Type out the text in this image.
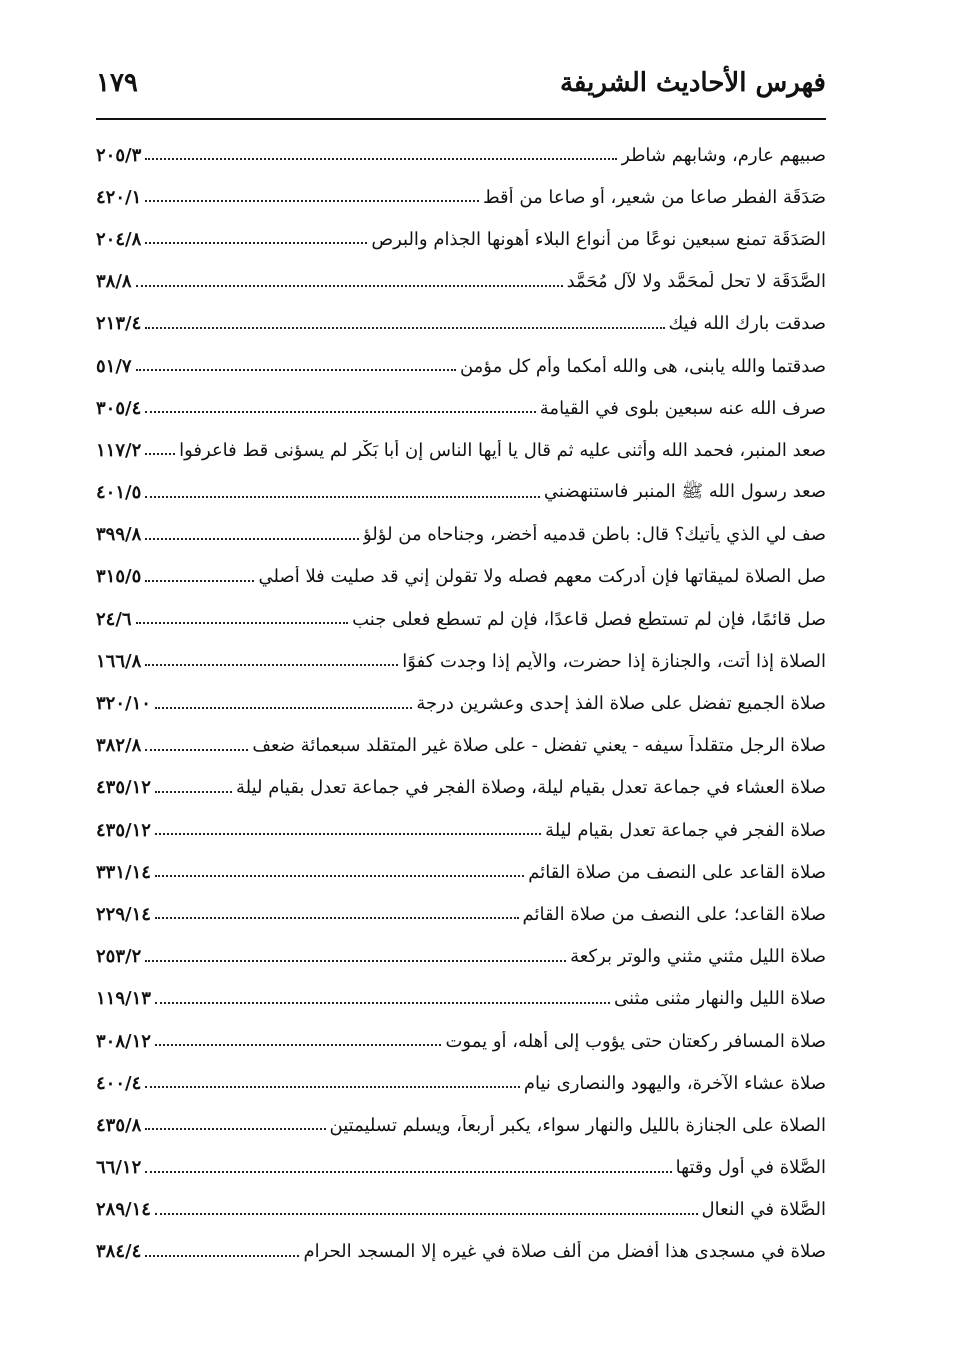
١٧٩	فهرس الأحاديث الشريفة
صبيهم عارم، وشابهم شاطر
٢٠٥/٣
صَدَقَة الفطر صاعا من شعير، أو صاعا من أقط
٤٢٠/١
الصَدَقَة تمنع سبعين نوعًا من أنواع البلاء أهونها الجذام والبرص
٢٠٤/٨
الصَّدَقَة لا تحل لُمحَمَّد ولا لآل مُحَمَّد
٣٨/٨
صدقت بارك الله فيك
٢١٣/٤
صدقتما والله يابنى، هى والله أمكما وأم كل مؤمن
٥١/٧
صرف الله عنه سبعين بلوى في القيامة
٣٠٥/٤
صعد المنبر، فحمد الله وأثنى عليه ثم قال يا أيها الناس إن أبا بَكْر لم يسؤنى قط فاعرفوا
١١٧/٢
صعد رسول الله ﷺ المنبر فاستنهضني
٤٠١/٥
صف لي الذي يأتيك؟ قال: باطن قدميه أخضر، وجناحاه من لؤلؤ
٣٩٩/٨
صل الصلاة لميقاتها فإن أدركت معهم فصله ولا تقولن إني قد صليت فلا أصلي
٣١٥/٥
صل قائمًا، فإن لم تستطع فصل قاعدًا، فإن لم تسطع فعلى جنب
٢٤/٦
الصلاة إذا أتت، والجنازة إذا حضرت، والأيم إذا وجدت كفوًا
١٦٦/٨
صلاة الجميع تفضل على صلاة الفذ إحدى وعشرين درجة
٣٢٠/١٠
صلاة الرجل متقلداً سيفه - يعني تفضل - على صلاة غير المتقلد سبعمائة ضعف
٣٨٢/٨
صلاة العشاء في جماعة تعدل بقيام ليلة، وصلاة الفجر في جماعة تعدل بقيام ليلة
٤٣٥/١٢
صلاة الفجر في جماعة تعدل بقيام ليلة
٤٣٥/١٢
صلاة القاعد على النصف من صلاة القائم
٣٣١/١٤
صلاة القاعد؛ على النصف من صلاة القائم
٢٢٩/١٤
صلاة الليل مثني مثني والوتر بركعة
٢٥٣/٢
صلاة الليل والنهار مثنى مثنى
١١٩/١٣
صلاة المسافر ركعتان حتى يؤوب إلى أهله، أو يموت
٣٠٨/١٢
صلاة عشاء الآخرة، واليهود والنصارى نيام
٤٠٠/٤
الصلاة على الجنازة بالليل والنهار سواء، يكبر أربعاً، ويسلم تسليمتين
٤٣٥/٨
الصَّلاة في أول وقتها
٦٦/١٢
الصَّلاة في النعال
٢٨٩/١٤
صلاة في مسجدى هذا أفضل من ألف صلاة في غيره إلا المسجد الحرام
٣٨٤/٤
